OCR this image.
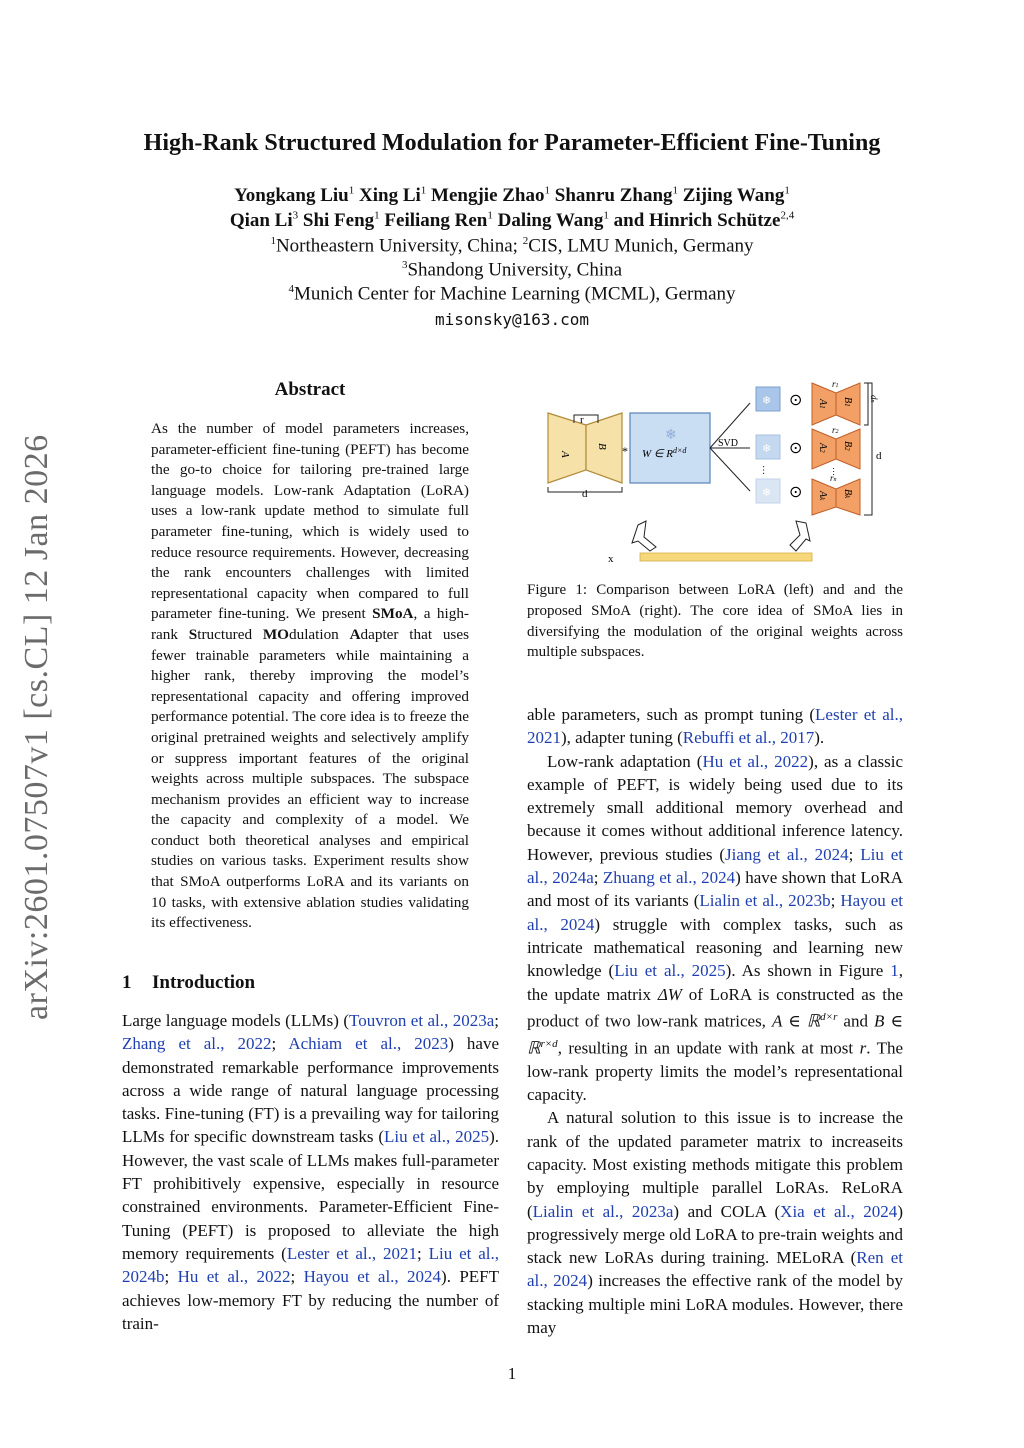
arXiv:2601.07507v1 [cs.CL] 12 Jan 2026
High-Rank Structured Modulation for Parameter-Efficient Fine-Tuning
Yongkang Liu$^1$ Xing Li$^1$ Mengjie Zhao$^1$ Shanru Zhang$^1$ Zijing Wang$^1$
Qian Li$^3$ Shi Feng$^1$ Feiliang Ren$^1$ Daling Wang$^1$ and Hinrich Schütze$^{2,4}$
$^1$Northeastern University, China; $^2$CIS, LMU Munich, Germany
$^3$Shandong University, China
$^4$Munich Center for Machine Learning (MCML), Germany
misonsky@163.com
Abstract
As the number of model parameters increases, parameter-efficient fine-tuning (PEFT) has become the go-to choice for tailoring pre-trained large language models. Low-rank Adaptation (LoRA) uses a low-rank update method to simulate full parameter fine-tuning, which is widely used to reduce resource requirements. However, decreasing the rank encounters challenges with limited representational capacity when compared to full parameter fine-tuning. We present SMoA, a high-rank Structured MOdulation Adapter that uses fewer trainable parameters while maintaining a higher rank, thereby improving the model’s representational capacity and offering improved performance potential. The core idea is to freeze the original pretrained weights and selectively amplify or suppress important features of the original weights across multiple subspaces. The subspace mechanism provides an efficient way to increase the capacity and complexity of a model. We conduct both theoretical analyses and empirical studies on various tasks. Experiment results show that SMoA outperforms LoRA and its variants on 10 tasks, with extensive ablation studies validating its effectiveness.
1 Introduction

Large language models (LLMs) (Touvron et al., 2023a; Zhang et al., 2022; Achiam et al., 2023) have demonstrated remarkable performance improvements across a wide range of natural language processing tasks. Fine-tuning (FT) is a prevailing way for tailoring LLMs for specific downstream tasks (Liu et al., 2025). However, the vast scale of LLMs makes full-parameter FT prohibitively expensive, especially in resource constrained environments. Parameter-Efficient Fine-Tuning (PEFT) is proposed to alleviate the high memory requirements (Lester et al., 2021; Liu et al., 2024b; Hu et al., 2022; Hayou et al., 2024). PEFT achieves low-memory FT by reducing the number of train-

A
B
r
d
*
❄
W ∈ $R^{d\times d}$
SVD
❄
❄
…
❄
⊙
⊙
⊙
A1
B1
r1
A2
B2
r2
…
Ak
Bk
rn
dn
d
x
Figure 1: Comparison between LoRA (left) and and the proposed SMoA (right). The core idea of SMoA lies in diversifying the modulation of the original weights across multiple subspaces.

able parameters, such as prompt tuning (Lester et al., 2021), adapter tuning (Rebuffi et al., 2017).

Low-rank adaptation (Hu et al., 2022), as a classic example of PEFT, is widely being used due to its extremely small additional memory overhead and because it comes without additional inference latency. However, previous studies (Jiang et al., 2024; Liu et al., 2024a; Zhuang et al., 2024) have shown that LoRA and most of its variants (Lialin et al., 2023b; Hayou et al., 2024) struggle with complex tasks, such as intricate mathematical reasoning and learning new knowledge (Liu et al., 2025). As shown in Figure 1, the update matrix ΔW of LoRA is constructed as the product of two low-rank matrices, A ∈ ℝ$^{d\times r}$ and B ∈ ℝ$^{r\times d}$, resulting in an update with rank at most r. The low-rank property limits the model’s representational capacity.

A natural solution to this issue is to increase the rank of the updated parameter matrix to increaseits capacity. Most existing methods mitigate this problem by employing multiple parallel LoRAs. ReLoRA (Lialin et al., 2023a) and COLA (Xia et al., 2024) progressively merge old LoRA to pre-train weights and stack new LoRAs during training. MELoRA (Ren et al., 2024) increases the effective rank of the model by stacking multiple mini LoRA modules. However, there may

1
